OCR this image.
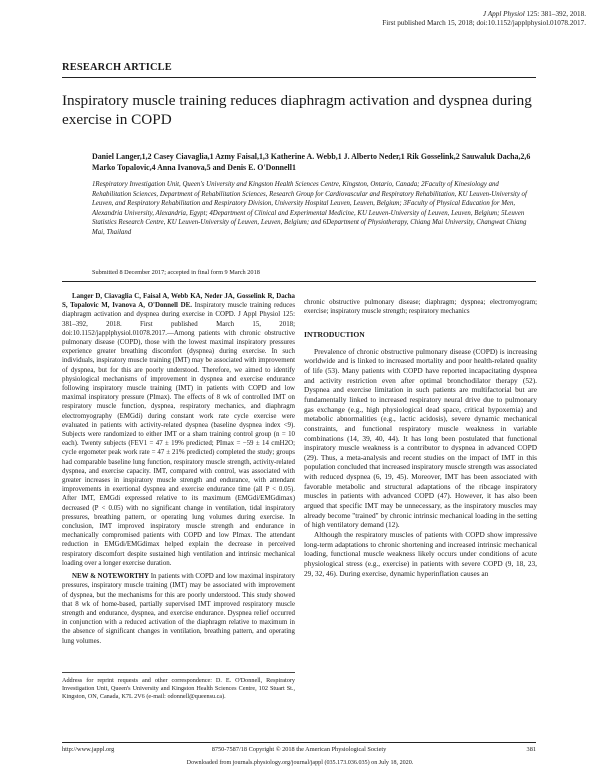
J Appl Physiol 125: 381–392, 2018.
First published March 15, 2018; doi:10.1152/japplphysiol.01078.2017.
RESEARCH ARTICLE
Inspiratory muscle training reduces diaphragm activation and dyspnea during exercise in COPD
Daniel Langer,1,2 Casey Ciavaglia,1 Azmy Faisal,1,3 Katherine A. Webb,1 J. Alberto Neder,1 Rik Gosselink,2 Sauwaluk Dacha,2,6 Marko Topalovic,4 Anna Ivanova,5 and Denis E. O'Donnell1
1Respiratory Investigation Unit, Queen's University and Kingston Health Sciences Centre, Kingston, Ontario, Canada; 2Faculty of Kinesiology and Rehabilitation Sciences, Department of Rehabilitation Sciences, Research Group for Cardiovascular and Respiratory Rehabilitation, KU Leuven-University of Leuven, and Respiratory Rehabilitation and Respiratory Division, University Hospital Leuven, Leuven, Belgium; 3Faculty of Physical Education for Men, Alexandria University, Alexandria, Egypt; 4Department of Clinical and Experimental Medicine, KU Leuven-University of Leuven, Leuven, Belgium; 5Leuven Statistics Research Centre, KU Leuven-University of Leuven, Leuven, Belgium; and 6Department of Physiotherapy, Chiang Mai University, Changwat Chiang Mai, Thailand
Submitted 8 December 2017; accepted in final form 9 March 2018

Langer D, Ciavaglia C, Faisal A, Webb KA, Neder JA, Gosselink R, Dacha S, Topalovic M, Ivanova A, O'Donnell DE. Inspiratory muscle training reduces diaphragm activation and dyspnea during exercise in COPD. J Appl Physiol 125: 381–392, 2018. First published March 15, 2018; doi:10.1152/japplphysiol.01078.2017.—Among patients with chronic obstructive pulmonary disease (COPD), those with the lowest maximal inspiratory pressures experience greater breathing discomfort (dyspnea) during exercise. In such individuals, inspiratory muscle training (IMT) may be associated with improvement of dyspnea, but for this are poorly understood. Therefore, we aimed to identify physiological mechanisms of improvement in dyspnea and exercise endurance following inspiratory muscle training (IMT) in patients with COPD and low maximal inspiratory pressure (PImax). The effects of 8 wk of controlled IMT on respiratory muscle function, dyspnea, respiratory mechanics, and diaphragm electromyography (EMGdi) during constant work rate cycle exercise were evaluated in patients with activity-related dyspnea (baseline dyspnea index <9). Subjects were randomized to either IMT or a sham training control group (n = 10 each). Twenty subjects (FEV1 = 47 ± 19% predicted; PImax = −59 ± 14 cmH2O; cycle ergometer peak work rate = 47 ± 21% predicted) completed the study; groups had comparable baseline lung function, respiratory muscle strength, activity-related dyspnea, and exercise capacity. IMT, compared with control, was associated with greater increases in inspiratory muscle strength and endurance, with attendant improvements in exertional dyspnea and exercise endurance time (all P < 0.05). After IMT, EMGdi expressed relative to its maximum (EMGdi/EMGdimax) decreased (P < 0.05) with no significant change in ventilation, tidal inspiratory pressures, breathing pattern, or operating lung volumes during exercise. In conclusion, IMT improved inspiratory muscle strength and endurance in mechanically compromised patients with COPD and low PImax. The attendant reduction in EMGdi/EMGdimax helped explain the decrease in perceived respiratory discomfort despite sustained high ventilation and intrinsic mechanical loading over a longer exercise duration.

NEW & NOTEWORTHY In patients with COPD and low maximal inspiratory pressures, inspiratory muscle training (IMT) may be associated with improvement of dyspnea, but the mechanisms for this are poorly understood. This study showed that 8 wk of home-based, partially supervised IMT improved respiratory muscle strength and endurance, dyspnea, and exercise endurance. Dyspnea relief occurred in conjunction with a reduced activation of the diaphragm relative to maximum in the absence of significant changes in ventilation, breathing pattern, and operating lung volumes.

chronic obstructive pulmonary disease; diaphragm; dyspnea; electromyogram; exercise; inspiratory muscle strength; respiratory mechanics

INTRODUCTION

Prevalence of chronic obstructive pulmonary disease (COPD) is increasing worldwide and is linked to increased mortality and poor health-related quality of life (53). Many patients with COPD have reported incapacitating dyspnea and activity restriction even after optimal bronchodilator therapy (52). Dyspnea and exercise limitation in such patients are multifactorial but are fundamentally linked to increased respiratory neural drive due to pulmonary gas exchange (e.g., high physiological dead space, critical hypoxemia) and metabolic abnormalities (e.g., lactic acidosis), severe dynamic mechanical constraints, and functional respiratory muscle weakness in variable combinations (14, 39, 40, 44). It has long been postulated that functional inspiratory muscle weakness is a contributor to dyspnea in advanced COPD (29). Thus, a meta-analysis and recent studies on the impact of IMT in this population concluded that increased inspiratory muscle strength was associated with reduced dyspnea (6, 19, 45). Moreover, IMT has been associated with favorable metabolic and structural adaptations of the ribcage inspiratory muscles in patients with advanced COPD (47). However, it has also been argued that specific IMT may be unnecessary, as the inspiratory muscles may already become "trained" by chronic intrinsic mechanical loading in the setting of high ventilatory demand (12).

Although the respiratory muscles of patients with COPD show impressive long-term adaptations to chronic shortening and increased intrinsic mechanical loading, functional muscle weakness likely occurs under conditions of acute physiological stress (e.g., exercise) in patients with severe COPD (9, 18, 23, 29, 32, 46). During exercise, dynamic hyperinflation causes an

Address for reprint requests and other correspondence: D. E. O'Donnell, Respiratory Investigation Unit, Queen's University and Kingston Health Sciences Centre, 102 Stuart St., Kingston, ON, Canada, K7L 2V6 (e-mail: odonnell@queensu.ca).
http://www.jappl.org	8750-7587/18 Copyright © 2018 the American Physiological Society	381
Downloaded from journals.physiology.org/journal/jappl (035.173.036.035) on July 18, 2020.
